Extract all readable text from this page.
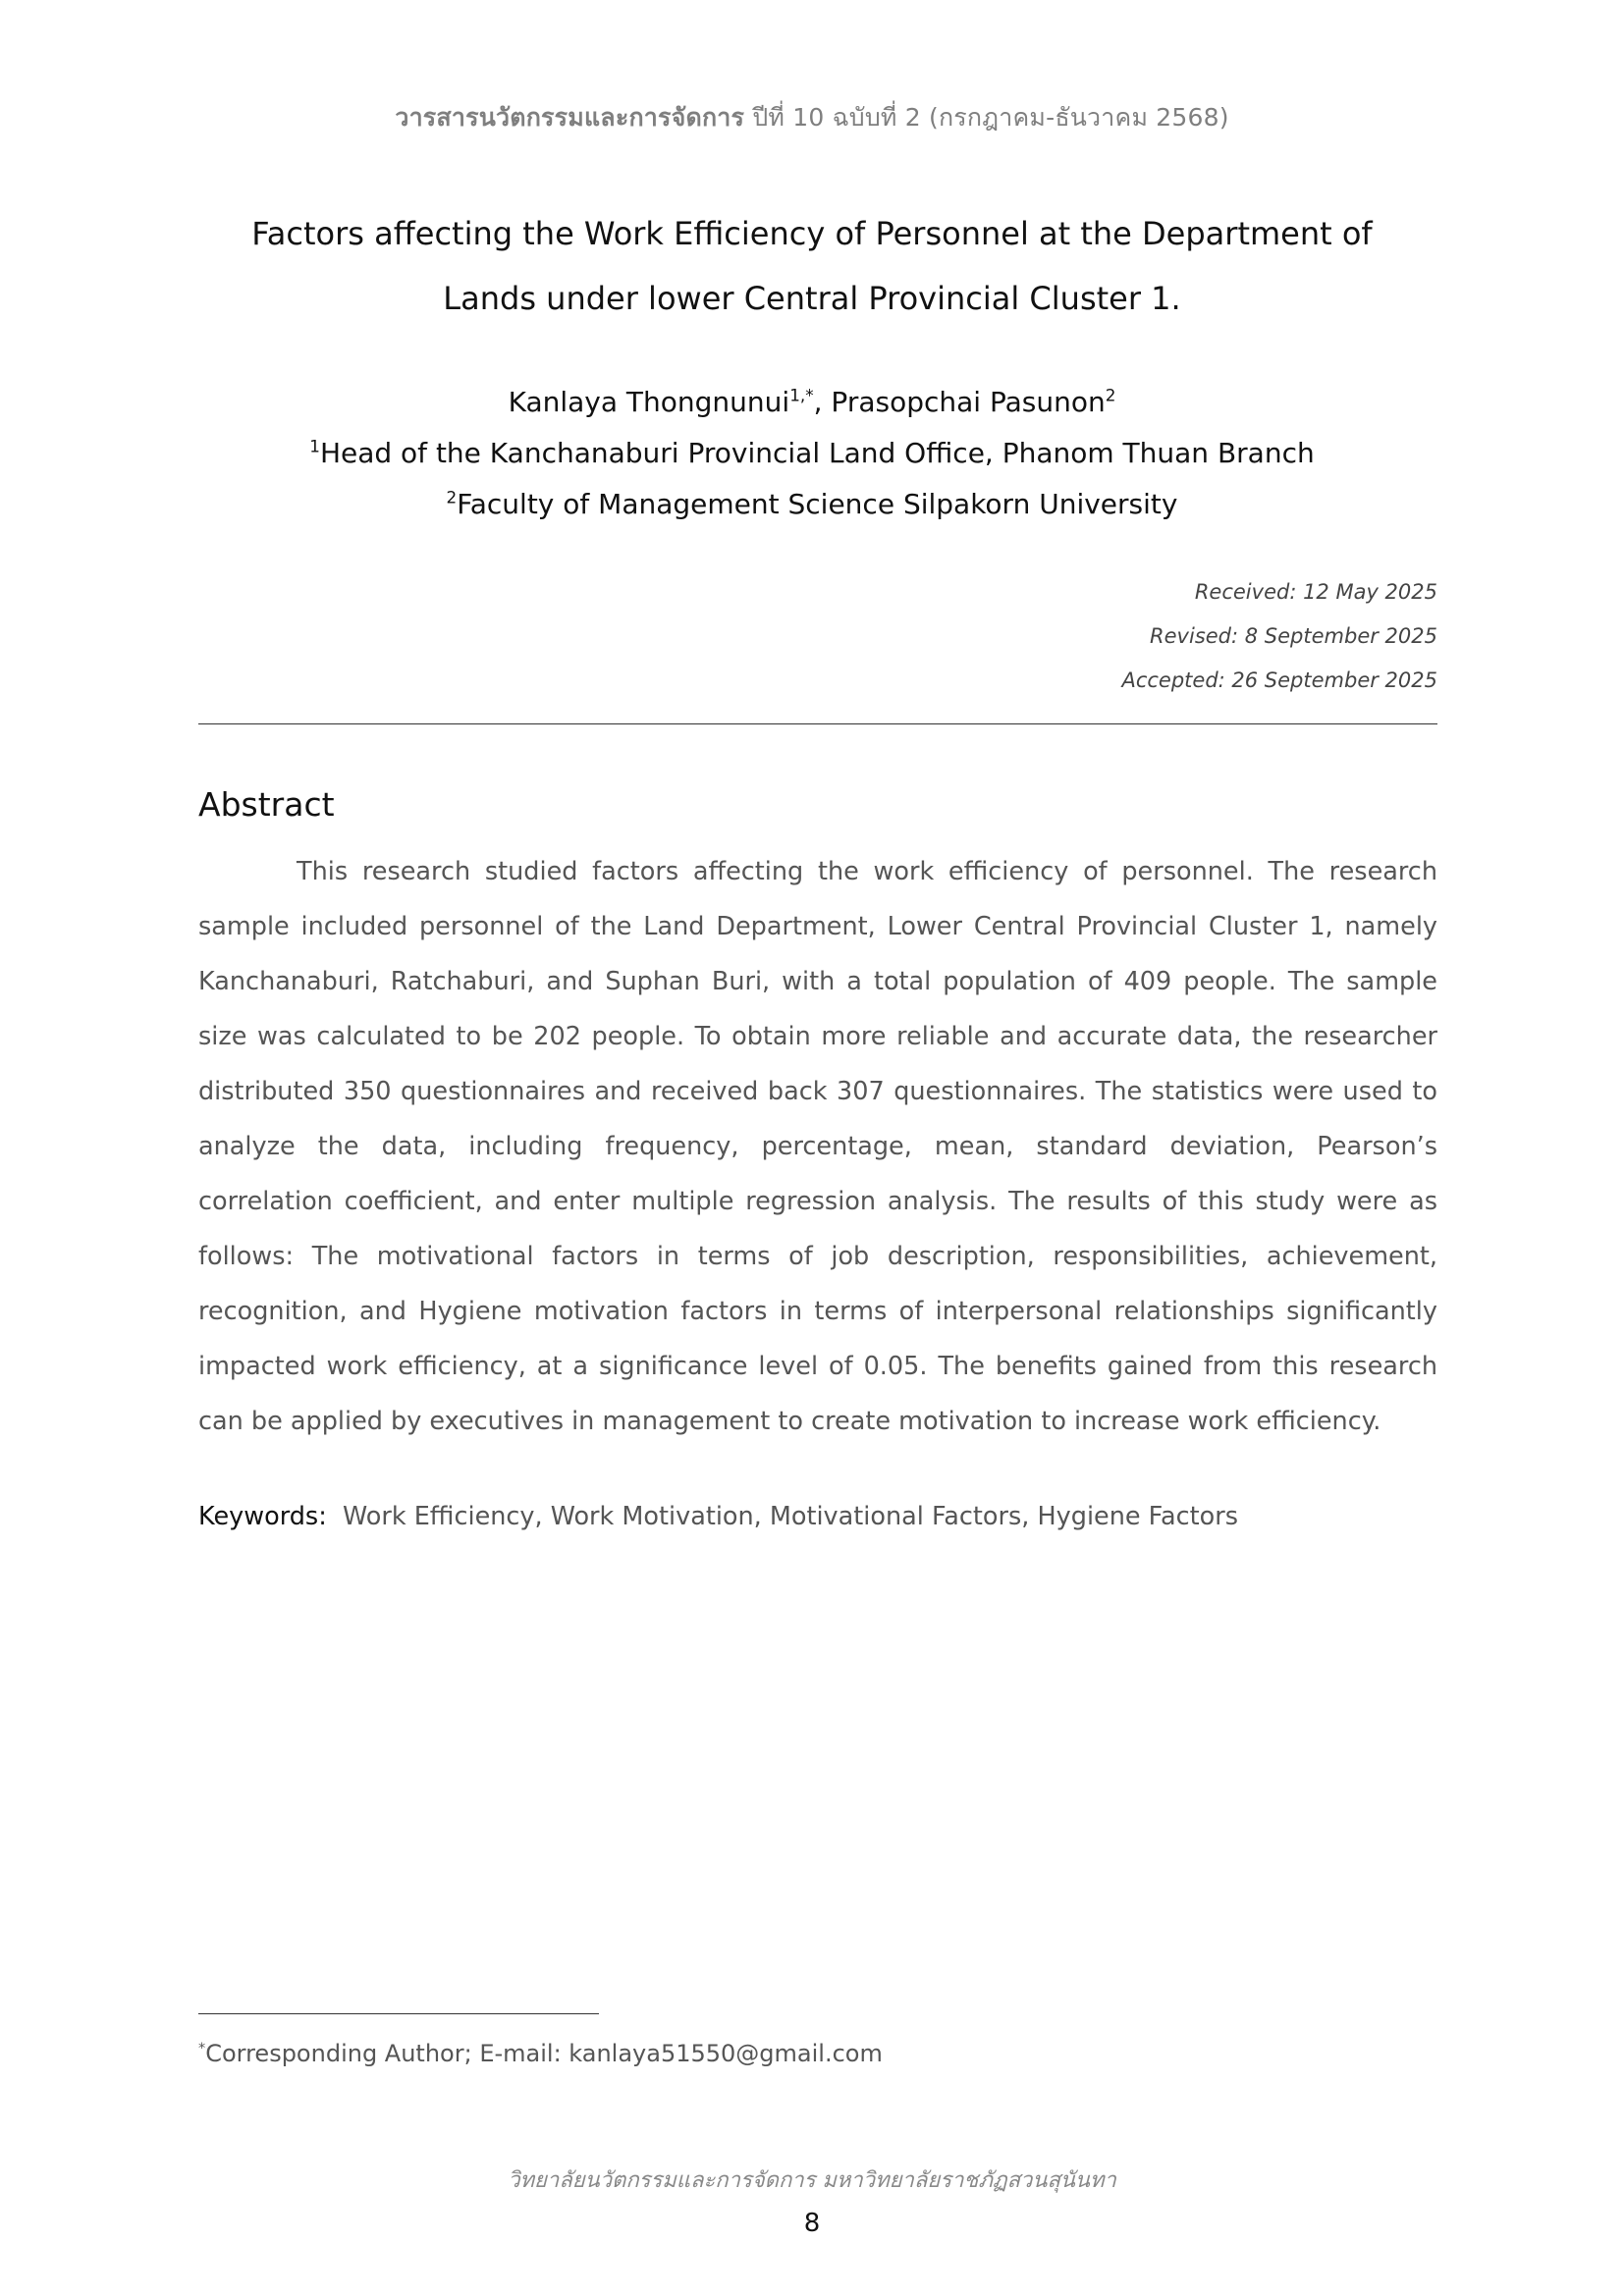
วารสารนวัตกรรมและการจัดการ ปีที่ 10 ฉบับที่ 2 (กรกฎาคม-ธันวาคม 2568)
Factors affecting the Work Efficiency of Personnel at the Department of
Lands under lower Central Provincial Cluster 1.
Kanlaya Thongnunui$^{1,*}$, Prasopchai Pasunon$^2$
$^1$Head of the Kanchanaburi Provincial Land Office, Phanom Thuan Branch
$^2$Faculty of Management Science Silpakorn University
Received: 12 May 2025
Revised: 8 September 2025
Accepted: 26 September 2025
Abstract

This research studied factors affecting the work efficiency of personnel. The research sample included personnel of the Land Department, Lower Central Provincial Cluster 1, namely Kanchanaburi, Ratchaburi, and Suphan Buri, with a total population of 409 people. The sample size was calculated to be 202 people. To obtain more reliable and accurate data, the researcher distributed 350 questionnaires and received back 307 questionnaires. The statistics were used to analyze the data, including frequency, percentage, mean, standard deviation, Pearson’s correlation coefficient, and enter multiple regression analysis. The results of this study were as follows: The motivational factors in terms of job description, responsibilities, achievement, recognition, and Hygiene motivation factors in terms of interpersonal relationships significantly impacted work efficiency, at a significance level of 0.05. The benefits gained from this research can be applied by executives in management to create motivation to increase work efficiency.

Keywords: Work Efficiency, Work Motivation, Motivational Factors, Hygiene Factors
*Corresponding Author; E-mail: kanlaya51550@gmail.com
วิทยาลัยนวัตกรรมและการจัดการ มหาวิทยาลัยราชภัฏสวนสุนันทา
8
